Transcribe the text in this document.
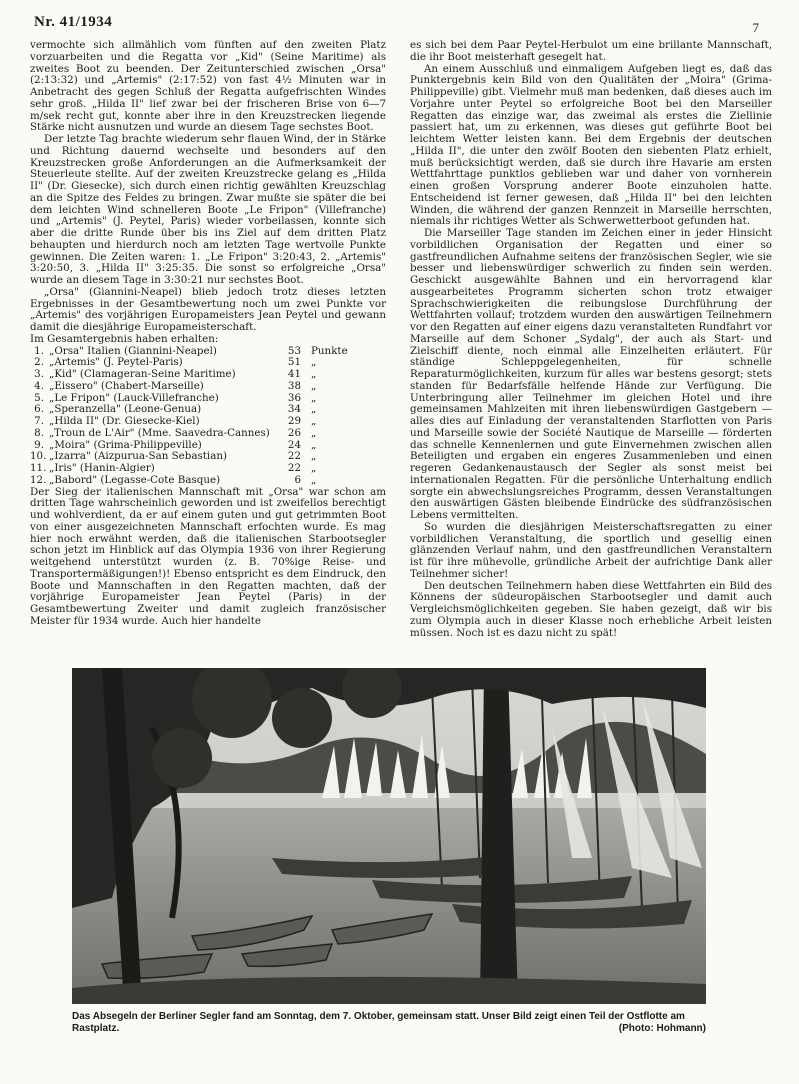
Nr. 41/1934	7

vermochte sich allmählich vom fünften auf den zweiten Platz vorzuarbeiten und die Regatta vor „Kid" (Seine Maritime) als zweites Boot zu beenden. Der Zeitunterschied zwischen „Orsa" (2:13:32) und „Artemis" (2:17:52) von fast 4½ Minuten war in Anbetracht des gegen Schluß der Regatta aufgefrischten Windes sehr groß. „Hilda II" lief zwar bei der frischeren Brise von 6—7 m/sek recht gut, konnte aber ihre in den Kreuzstrecken liegende Stärke nicht ausnutzen und wurde an diesem Tage sechstes Boot.

Der letzte Tag brachte wiederum sehr flauen Wind, der in Stärke und Richtung dauernd wechselte und besonders auf den Kreuzstrecken große Anforderungen an die Aufmerksamkeit der Steuerleute stellte. Auf der zweiten Kreuzstrecke gelang es „Hilda II" (Dr. Giesecke), sich durch einen richtig gewählten Kreuzschlag an die Spitze des Feldes zu bringen. Zwar mußte sie später die bei dem leichten Wind schnelleren Boote „Le Fripon" (Villefranche) und „Artemis" (J. Peytel, Paris) wieder vorbeilassen, konnte sich aber die dritte Runde über bis ins Ziel auf dem dritten Platz behaupten und hierdurch noch am letzten Tage wertvolle Punkte gewinnen. Die Zeiten waren: 1. „Le Fripon" 3:20:43, 2. „Artemis" 3:20:50, 3. „Hilda II" 3:25:35. Die sonst so erfolgreiche „Orsa" wurde an diesem Tage in 3:30:21 nur sechstes Boot.

„Orsa" (Giannini-Neapel) blieb jedoch trotz dieses letzten Ergebnisses in der Gesamtbewertung noch um zwei Punkte vor „Artemis" des vorjährigen Europameisters Jean Peytel und gewann damit die diesjährige Europameisterschaft.

Im Gesamtergebnis haben erhalten:

1. „Orsa" Italien (Giannini-Neapel)	53 Punkte
2. „Artemis" (J. Peytel-Paris)	51 „
3. „Kid" (Clamageran-Seine Maritime)	41 „
4. „Eissero" (Chabert-Marseille)	38 „
5. „Le Fripon" (Lauck-Villefranche)	36 „
6. „Speranzella" (Leone-Genua)	34 „
7. „Hilda II" (Dr. Giesecke-Kiel)	29 „
8. „Troun de L'Air" (Mme. Saavedra-Cannes)	26 „
9. „Moira" (Grima-Philippeville)	24 „
10. „Izarra" (Aizpurua-San Sebastian)	22 „
11. „Iris" (Hanin-Algier)	22 „
12. „Babord" (Legasse-Cote Basque)	6 „

Der Sieg der italienischen Mannschaft mit „Orsa" war schon am dritten Tage wahrscheinlich geworden und ist zweifellos berechtigt und wohlverdient, da er auf einem guten und gut getrimmten Boot von einer ausgezeichneten Mannschaft erfochten wurde. Es mag hier noch erwähnt werden, daß die italienischen Starbootsegler schon jetzt im Hinblick auf das Olympia 1936 von ihrer Regierung weitgehend unterstützt wurden (z. B. 70%ige Reise- und Transportermäßigungen!)! Ebenso entspricht es dem Eindruck, den Boote und Mannschaften in den Regatten machten, daß der vorjährige Europameister Jean Peytel (Paris) in der Gesamtbewertung Zweiter und damit zugleich französischer Meister für 1934 wurde. Auch hier handelte

es sich bei dem Paar Peytel-Herbulot um eine brillante Mannschaft, die ihr Boot meisterhaft gesegelt hat.

An einem Ausschluß und einmaligem Aufgeben liegt es, daß das Punktergebnis kein Bild von den Qualitäten der „Moira" (Grima-Philippeville) gibt. Vielmehr muß man bedenken, daß dieses auch im Vorjahre unter Peytel so erfolgreiche Boot bei den Marseiller Regatten das einzige war, das zweimal als erstes die Ziellinie passiert hat, um zu erkennen, was dieses gut geführte Boot bei leichtem Wetter leisten kann. Bei dem Ergebnis der deutschen „Hilda II", die unter den zwölf Booten den siebenten Platz erhielt, muß berücksichtigt werden, daß sie durch ihre Havarie am ersten Wettfahrttage punktlos geblieben war und daher von vornherein einen großen Vorsprung anderer Boote einzuholen hatte. Entscheidend ist ferner gewesen, daß „Hilda II" bei den leichten Winden, die während der ganzen Rennzeit in Marseille herrschten, niemals ihr richtiges Wetter als Schwerwetterboot gefunden hat.

Die Marseiller Tage standen im Zeichen einer in jeder Hinsicht vorbildlichen Organisation der Regatten und einer so gastfreundlichen Aufnahme seitens der französischen Segler, wie sie besser und liebenswürdiger schwerlich zu finden sein werden. Geschickt ausgewählte Bahnen und ein hervorragend klar ausgearbeitetes Programm sicherten schon trotz etwaiger Sprachschwierigkeiten die reibungslose Durchführung der Wettfahrten vollauf; trotzdem wurden den auswärtigen Teilnehmern vor den Regatten auf einer eigens dazu veranstalteten Rundfahrt vor Marseille auf dem Schoner „Sydalg", der auch als Start- und Zielschiff diente, noch einmal alle Einzelheiten erläutert. Für ständige Schleppgelegenheiten, für schnelle Reparaturmöglichkeiten, kurzum für alles war bestens gesorgt; stets standen für Bedarfsfälle helfende Hände zur Verfügung. Die Unterbringung aller Teilnehmer im gleichen Hotel und ihre gemeinsamen Mahlzeiten mit ihren liebenswürdigen Gastgebern — alles dies auf Einladung der veranstaltenden Starflotten von Paris und Marseille sowie der Société Nautique de Marseille — förderten das schnelle Kennenlernen und gute Einvernehmen zwischen allen Beteiligten und ergaben ein engeres Zusammenleben und einen regeren Gedankenaustausch der Segler als sonst meist bei internationalen Regatten. Für die persönliche Unterhaltung endlich sorgte ein abwechslungsreiches Programm, dessen Veranstaltungen den auswärtigen Gästen bleibende Eindrücke des südfranzösischen Lebens vermittelten.

So wurden die diesjährigen Meisterschaftsregatten zu einer vorbildlichen Veranstaltung, die sportlich und gesellig einen glänzenden Verlauf nahm, und den gastfreundlichen Veranstaltern ist für ihre mühevolle, gründliche Arbeit der aufrichtige Dank aller Teilnehmer sicher!

Den deutschen Teilnehmern haben diese Wettfahrten ein Bild des Könnens der südeuropäischen Starbootsegler und damit auch Vergleichsmöglichkeiten gegeben. Sie haben gezeigt, daß wir bis zum Olympia auch in dieser Klasse noch erhebliche Arbeit leisten müssen. Noch ist es dazu nicht zu spät!

Das Absegeln der Berliner Segler fand am Sonntag, dem 7. Oktober, gemeinsam statt. Unser Bild zeigt einen Teil der Ostflotte am Rastplatz.	(Photo: Hohmann)
